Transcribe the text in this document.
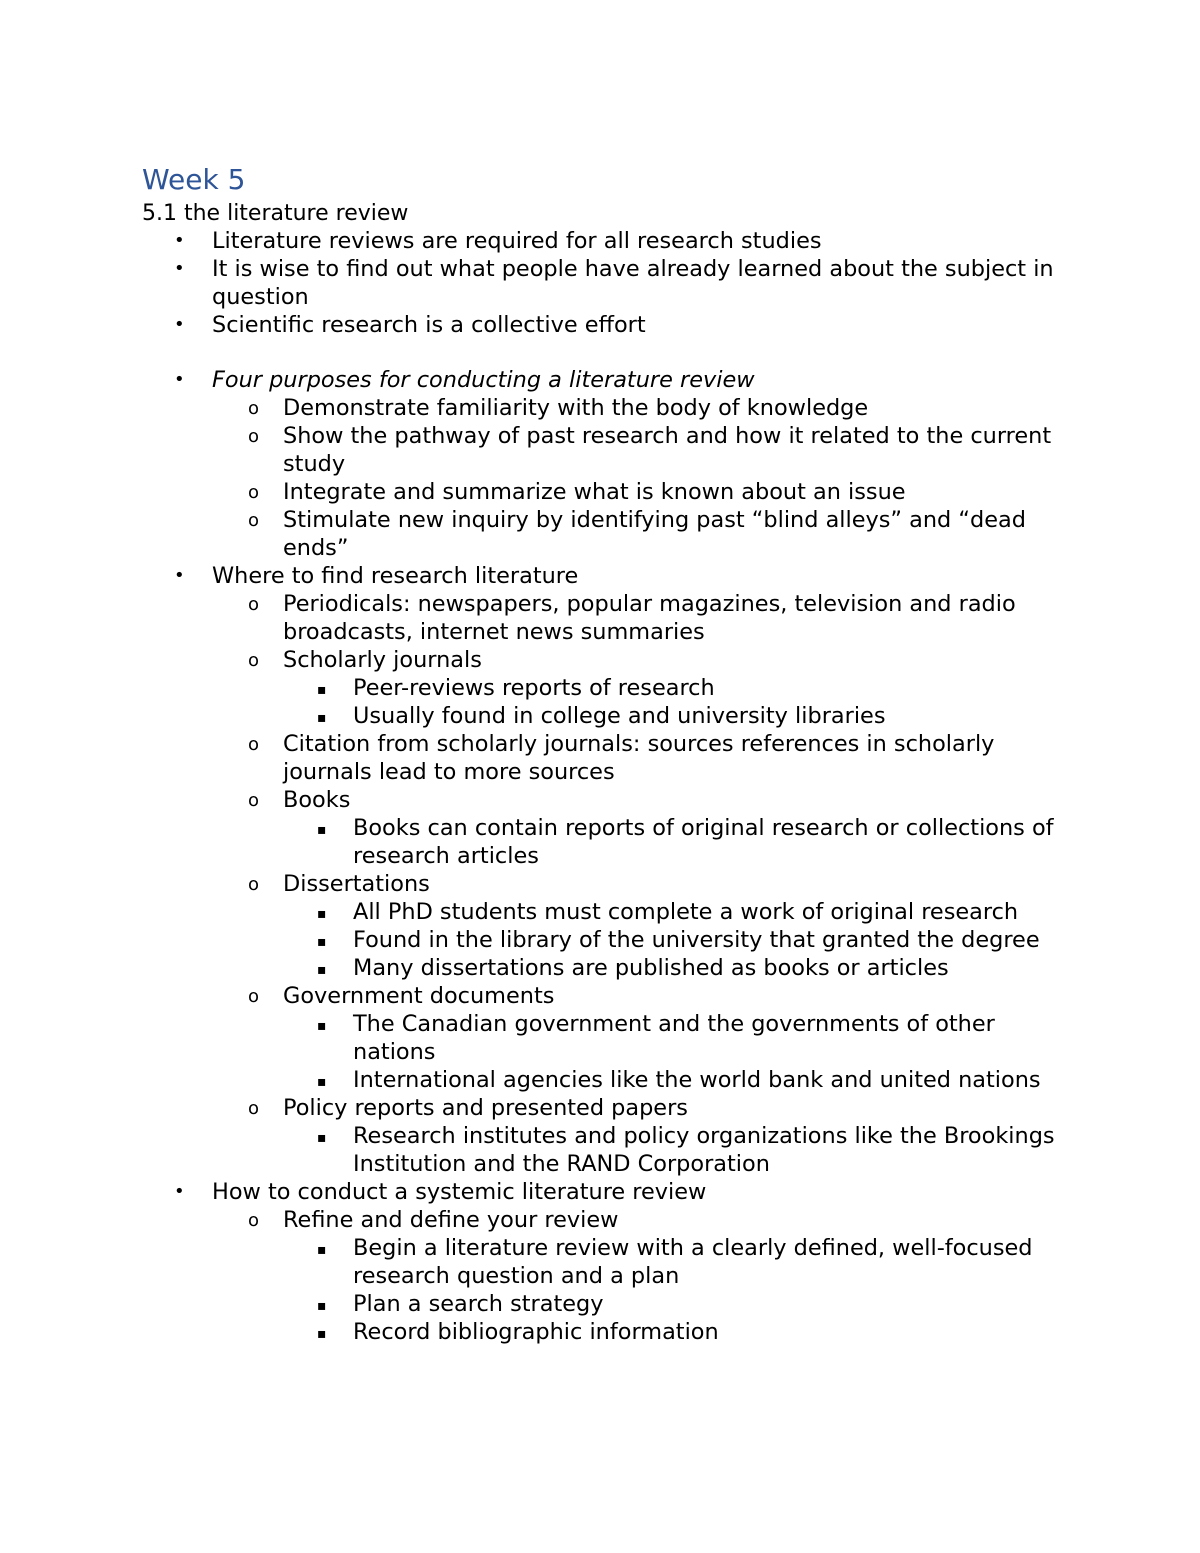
Week 5

5.1 the literature review

• Literature reviews are required for all research studies
• It is wise to find out what people have already learned about the subject in question
• Scientific research is a collective effort
• Four purposes for conducting a literature review
o Demonstrate familiarity with the body of knowledge
o Show the pathway of past research and how it related to the current study
o Integrate and summarize what is known about an issue
o Stimulate new inquiry by identifying past “blind alleys” and “dead ends”
• Where to find research literature
o Periodicals: newspapers, popular magazines, television and radio broadcasts, internet news summaries
o Scholarly journals
▪ Peer-reviews reports of research
▪ Usually found in college and university libraries
o Citation from scholarly journals: sources references in scholarly journals lead to more sources
o Books
▪ Books can contain reports of original research or collections of research articles
o Dissertations
▪ All PhD students must complete a work of original research
▪ Found in the library of the university that granted the degree
▪ Many dissertations are published as books or articles
o Government documents
▪ The Canadian government and the governments of other nations
▪ International agencies like the world bank and united nations
o Policy reports and presented papers
▪ Research institutes and policy organizations like the Brookings Institution and the RAND Corporation
• How to conduct a systemic literature review
o Refine and define your review
▪ Begin a literature review with a clearly defined, well-focused research question and a plan
▪ Plan a search strategy
▪ Record bibliographic information
